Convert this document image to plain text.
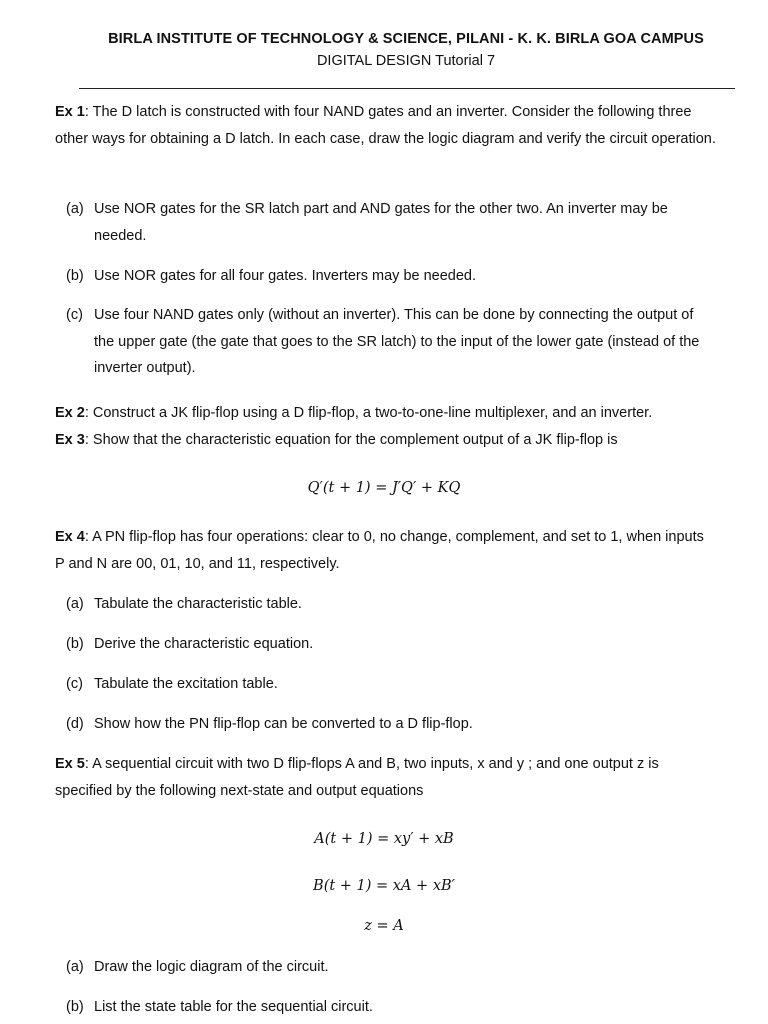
BIRLA INSTITUTE OF TECHNOLOGY & SCIENCE, PILANI - K. K. BIRLA GOA CAMPUS
DIGITAL DESIGN Tutorial 7
Ex 1: The D latch is constructed with four NAND gates and an inverter. Consider the following three other ways for obtaining a D latch. In each case, draw the logic diagram and verify the circuit operation.
(a) Use NOR gates for the SR latch part and AND gates for the other two. An inverter may be needed.
(b) Use NOR gates for all four gates. Inverters may be needed.
(c) Use four NAND gates only (without an inverter). This can be done by connecting the output of the upper gate (the gate that goes to the SR latch) to the input of the lower gate (instead of the inverter output).
Ex 2: Construct a JK flip-flop using a D flip-flop, a two-to-one-line multiplexer, and an inverter.
Ex 3: Show that the characteristic equation for the complement output of a JK flip-flop is
Q′(t + 1) = J′Q′ + KQ
Ex 4: A PN flip-flop has four operations: clear to 0, no change, complement, and set to 1, when inputs P and N are 00, 01, 10, and 11, respectively.
(a) Tabulate the characteristic table.
(b) Derive the characteristic equation.
(c) Tabulate the excitation table.
(d) Show how the PN flip-flop can be converted to a D flip-flop.
Ex 5: A sequential circuit with two D flip-flops A and B, two inputs, x and y ; and one output z is specified by the following next-state and output equations
A(t + 1) = xy′ + xB
B(t + 1) = xA + xB′
z = A
(a) Draw the logic diagram of the circuit.
(b) List the state table for the sequential circuit.
